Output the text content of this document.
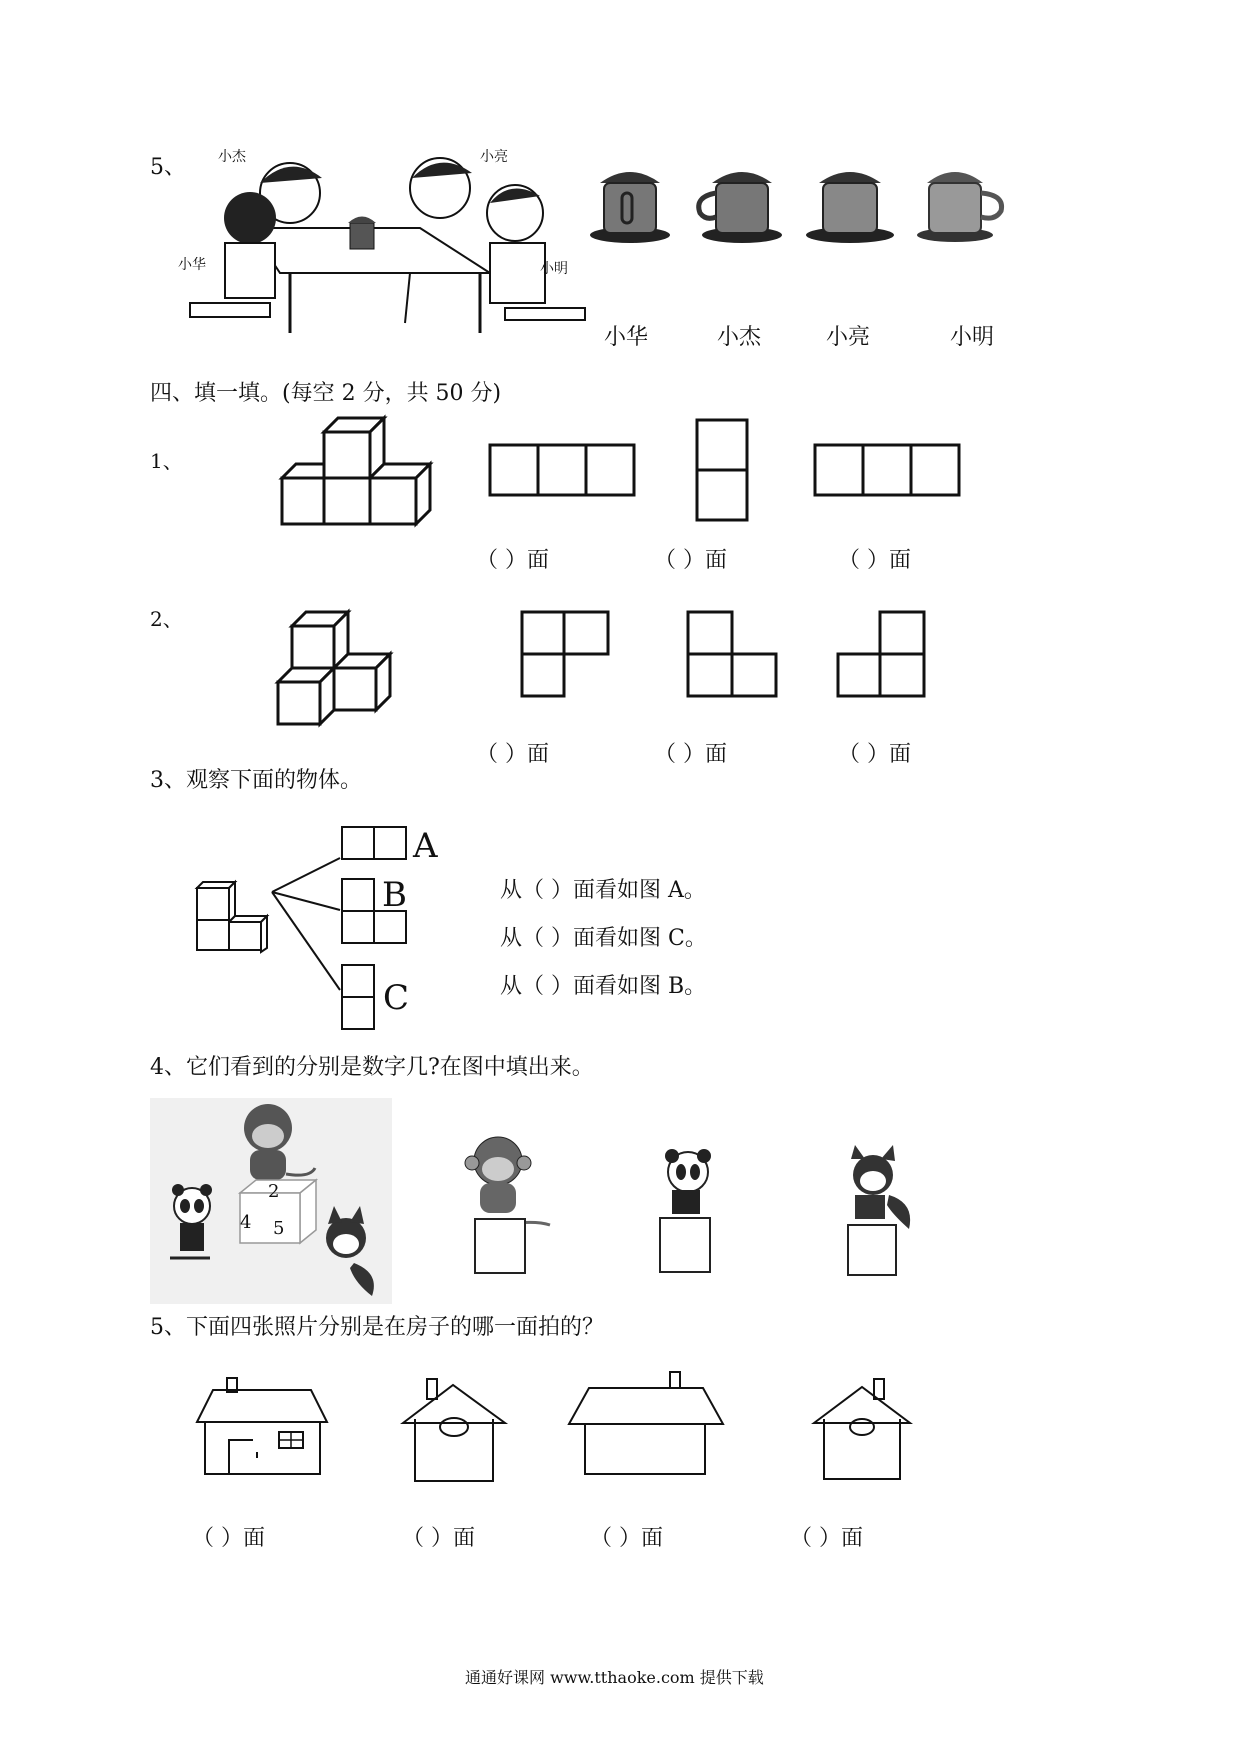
5、 小杰	小亮
小华	小明
小华	小杰	小亮	小明
四、填一填。(每空 2 分，共 50 分)
1、
（ ）面	（ ）面	（ ）面
2、
（ ）面	（ ）面	（ ）面
3、观察下面的物体。
A
B
C
从（ ）面看如图 A。
从（ ）面看如图 C。
从（ ）面看如图 B。
4、它们看到的分别是数字几?在图中填出来。
2
4 5
5、下面四张照片分别是在房子的哪一面拍的？
（ ）面	（ ）面	（ ）面	（ ）面
通通好课网 www.tthaoke.com 提供下载
